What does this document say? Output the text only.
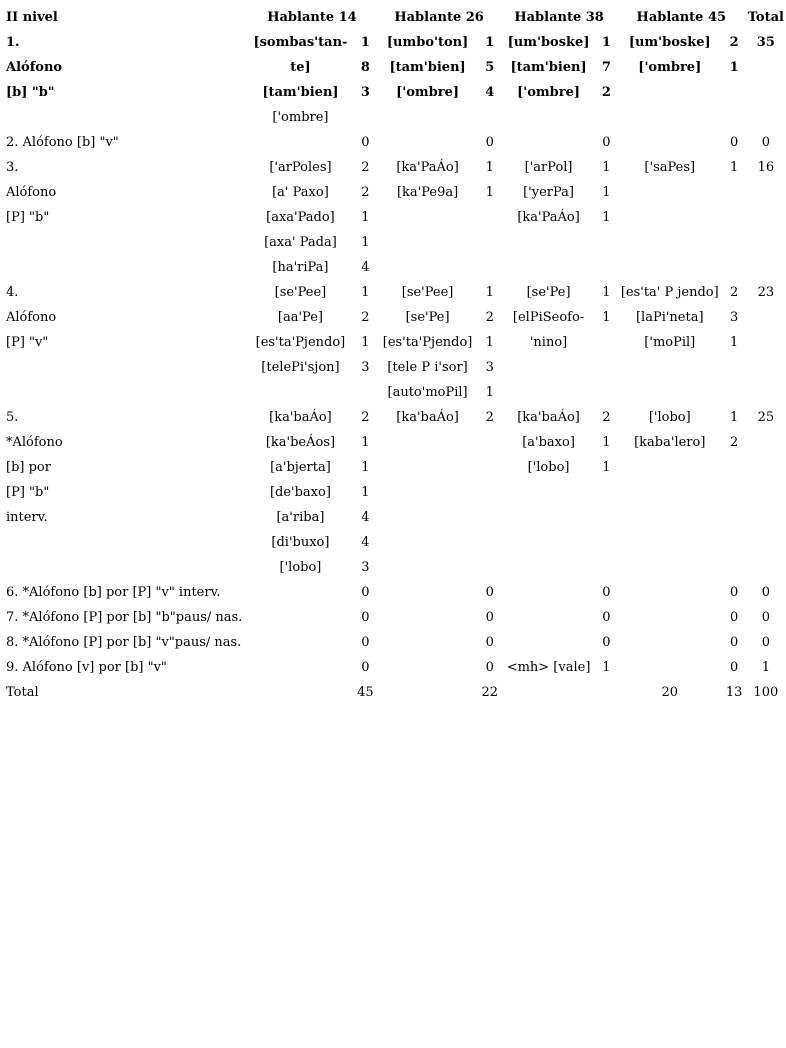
II nivel	Hablante 14		Hablante 26		Hablante 38		Hablante 45		Total
1.	[sombas'tan-	1	[umbo'ton]	1	[um'boske]	1	[um'boske]	2	35
Alófono	te]	8	[tam'bien]	5	[tam'bien]	7	['ombre]	1	
[b] "b"	[tam'bien]	3	['ombre]	4	['ombre]	2			
	['ombre]								
2. Alófono [b] "v"		0		0		0		0	0
3.	['arPoles]	2	[ka'PaÁo]	1	['arPol]	1	['saPes]	1	16
Alófono	[a' Paxo]	2	[ka'Pe9a]	1	['yerPa]	1			
[P] "b"	[axa'Pado]	1			[ka'PaÁo]	1			
	[axa' Pada]	1							
	[ha'riPa]	4							
4.	[se'Pee]	1	[se'Pee]	1	[se'Pe]	1	[es'ta' P jendo]	2	23
Alófono	[aa'Pe]	2	[se'Pe]	2	[elPiSeofo-	1	[laPi'neta]	3	
[P] "v"	[es'ta'Pjendo]	1	[es'ta'Pjendo]	1	'nino]		['moPil]	1	
	[telePi'sjon]	3	[tele P i'sor]	3					
			[auto'moPil]	1					
5.	[ka'baÁo]	2	[ka'baÁo]	2	[ka'baÁo]	2	['lobo]	1	25
*Alófono	[ka'beÁos]	1			[a'baxo]	1	[kaba'lero]	2	
[b] por	[a'bjerta]	1			['lobo]	1			
[P] "b"	[de'baxo]	1							
interv.	[a'riba]	4							
	[di'buxo]	4							
	['lobo]	3							
6. *Alófono [b] por [P] "v" interv.		0		0		0		0	0
7. *Alófono [P] por [b] "b"paus/ nas.		0		0		0		0	0
8. *Alófono [P] por [b] "v"paus/ nas.		0		0		0		0	0
9. Alófono [v] por [b] "v"		0		0	<mh> [vale]	1		0	1
Total		45		22			20	13	100
